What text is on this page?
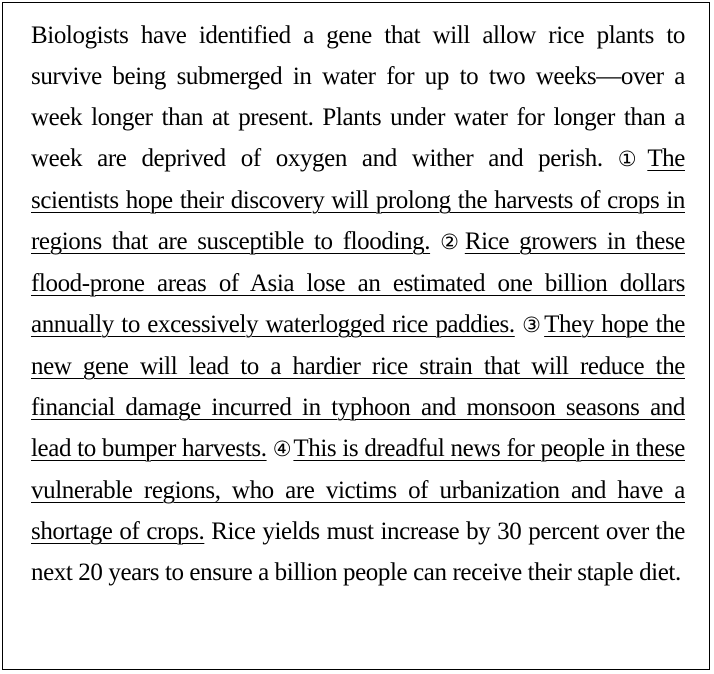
Biologists have identified a gene that will allow rice plants to survive being submerged in water for up to two weeks—over a week longer than at present. Plants under water for longer than a week are deprived of oxygen and wither and perish. ①The scientists hope their discovery will prolong the harvests of crops in regions that are susceptible to flooding. ②Rice growers in these flood-prone areas of Asia lose an estimated one billion dollars annually to excessively waterlogged rice paddies. ③They hope the new gene will lead to a hardier rice strain that will reduce the financial damage incurred in typhoon and monsoon seasons and lead to bumper harvests. ④This is dreadful news for people in these vulnerable regions, who are victims of urbanization and have a shortage of crops. Rice yields must increase by 30 percent over the next 20 years to ensure a billion people can receive their staple diet.
